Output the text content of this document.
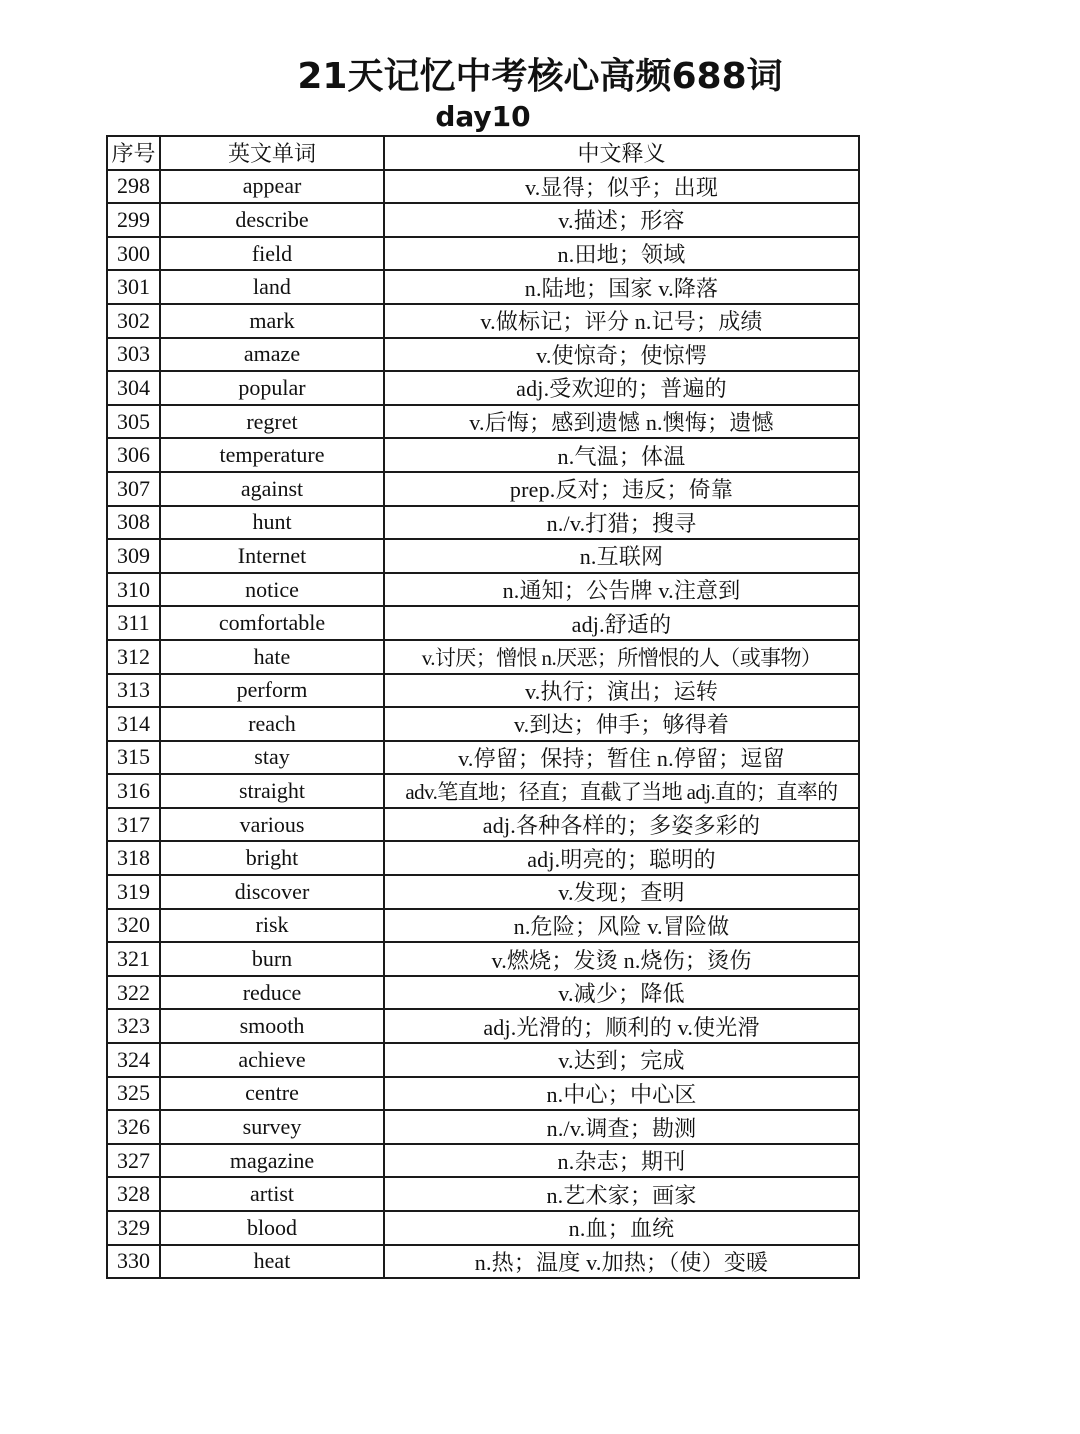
21天记忆中考核心高频688词
day10
序号	英文单词	中文释义
298	appear	v.显得；似乎；出现
299	describe	v.描述；形容
300	field	n.田地；领域
301	land	n.陆地；国家 v.降落
302	mark	v.做标记；评分 n.记号；成绩
303	amaze	v.使惊奇；使惊愕
304	popular	adj.受欢迎的；普遍的
305	regret	v.后悔；感到遗憾 n.懊悔；遗憾
306	temperature	n.气温；体温
307	against	prep.反对；违反；倚靠
308	hunt	n./v.打猎；搜寻
309	Internet	n.互联网
310	notice	n.通知；公告牌 v.注意到
311	comfortable	adj.舒适的
312	hate	v.讨厌；憎恨 n.厌恶；所憎恨的人（或事物）
313	perform	v.执行；演出；运转
314	reach	v.到达；伸手；够得着
315	stay	v.停留；保持；暂住 n.停留；逗留
316	straight	adv.笔直地；径直；直截了当地 adj.直的；直率的
317	various	adj.各种各样的；多姿多彩的
318	bright	adj.明亮的；聪明的
319	discover	v.发现；查明
320	risk	n.危险；风险 v.冒险做
321	burn	v.燃烧；发烫 n.烧伤；烫伤
322	reduce	v.减少；降低
323	smooth	adj.光滑的；顺利的 v.使光滑
324	achieve	v.达到；完成
325	centre	n.中心；中心区
326	survey	n./v.调查；勘测
327	magazine	n.杂志；期刊
328	artist	n.艺术家；画家
329	blood	n.血；血统
330	heat	n.热；温度 v.加热；（使）变暖
